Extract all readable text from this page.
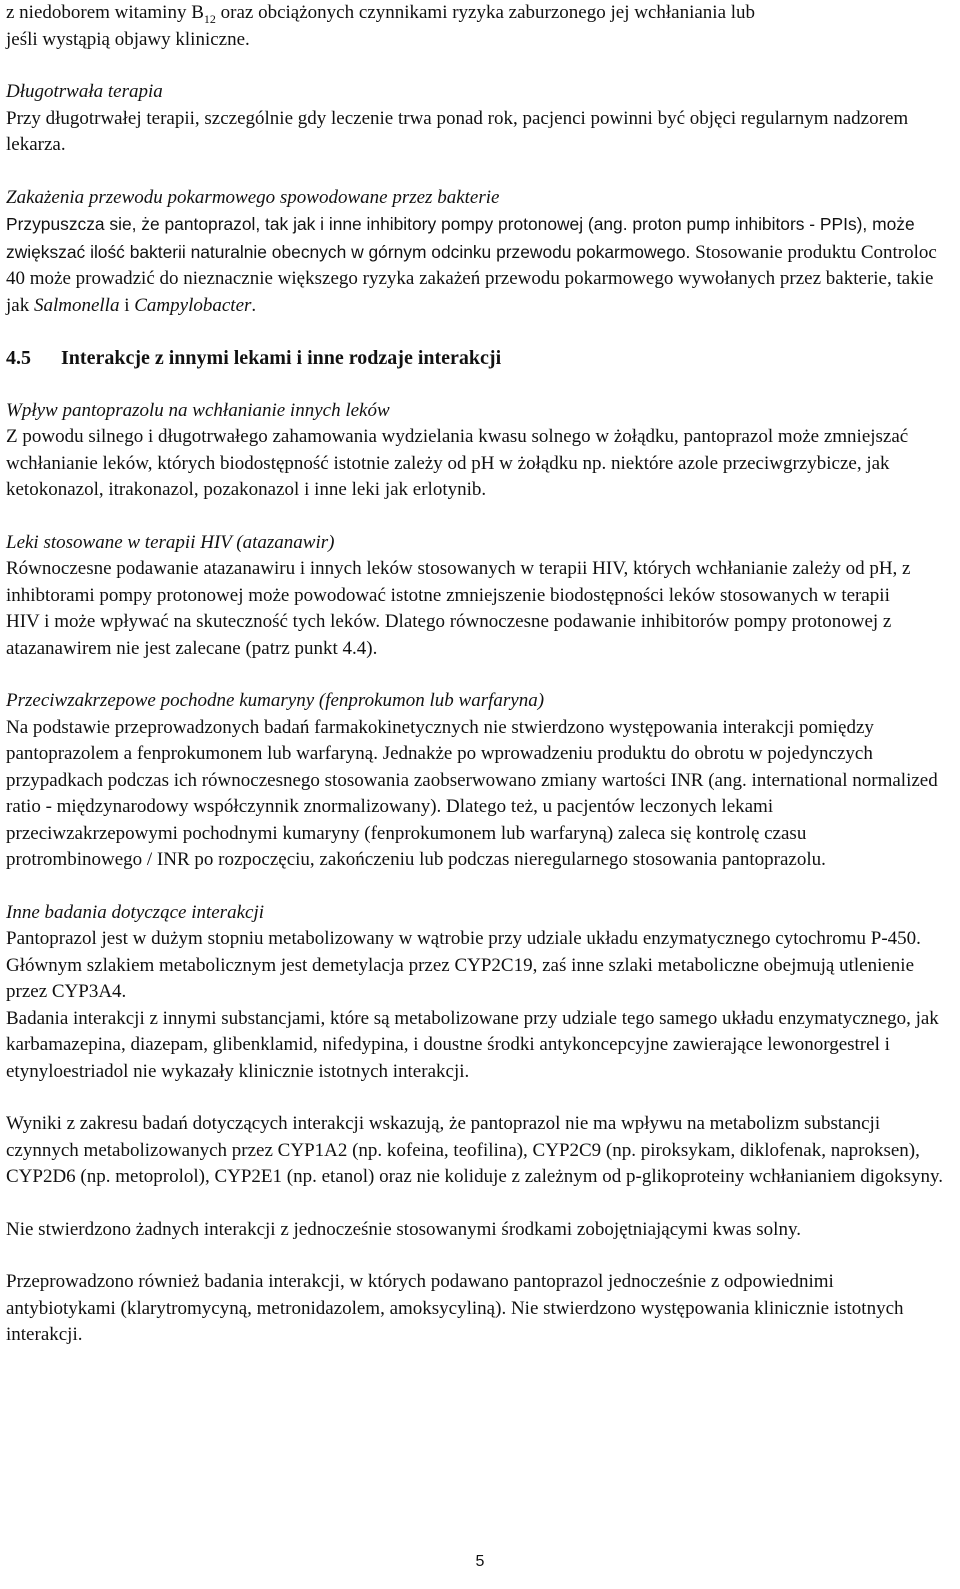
z niedoborem witaminy $B_{12}$ oraz obciążonych czynnikami ryzyka zaburzonego jej wchłaniania lub
jeśli wystąpią objawy kliniczne.

Długotrwała terapia

Przy długotrwałej terapii, szczególnie gdy leczenie trwa ponad rok, pacjenci powinni być objęci regularnym nadzorem lekarza.

Zakażenia przewodu pokarmowego spowodowane przez bakterie

Przypuszcza sie, że pantoprazol, tak jak i inne inhibitory pompy protonowej (ang. proton pump inhibitors - PPIs), może zwiększać ilość bakterii naturalnie obecnych w górnym odcinku przewodu pokarmowego. Stosowanie produktu Controloc 40 może prowadzić do nieznacznie większego ryzyka zakażeń przewodu pokarmowego wywołanych przez bakterie, takie jak Salmonella i Campylobacter.

4.5 Interakcje z innymi lekami i inne rodzaje interakcji

Wpływ pantoprazolu na wchłanianie innych leków

Z powodu silnego i długotrwałego zahamowania wydzielania kwasu solnego w żołądku, pantoprazol może zmniejszać wchłanianie leków, których biodostępność istotnie zależy od pH w żołądku np. niektóre azole przeciwgrzybicze, jak ketokonazol, itrakonazol, pozakonazol i inne leki jak erlotynib.

Leki stosowane w terapii HIV (atazanawir)

Równoczesne podawanie atazanawiru i innych leków stosowanych w terapii HIV, których wchłanianie zależy od pH, z inhibtorami pompy protonowej może powodować istotne zmniejszenie biodostępności leków stosowanych w terapii HIV i może wpływać na skuteczność tych leków. Dlatego równoczesne podawanie inhibitorów pompy protonowej z atazanawirem nie jest zalecane (patrz punkt 4.4).

Przeciwzakrzepowe pochodne kumaryny (fenprokumon lub warfaryna)

Na podstawie przeprowadzonych badań farmakokinetycznych nie stwierdzono występowania interakcji pomiędzy pantoprazolem a fenprokumonem lub warfaryną. Jednakże po wprowadzeniu produktu do obrotu w pojedynczych przypadkach podczas ich równoczesnego stosowania zaobserwowano zmiany wartości INR (ang. international normalized ratio - międzynarodowy współczynnik znormalizowany). Dlatego też, u pacjentów leczonych lekami przeciwzakrzepowymi pochodnymi kumaryny (fenprokumonem lub warfaryną) zaleca się kontrolę czasu protrombinowego / INR po rozpoczęciu, zakończeniu lub podczas nieregularnego stosowania pantoprazolu.

Inne badania dotyczące interakcji

Pantoprazol jest w dużym stopniu metabolizowany w wątrobie przy udziale układu enzymatycznego cytochromu P-450. Głównym szlakiem metabolicznym jest demetylacja przez CYP2C19, zaś inne szlaki metaboliczne obejmują utlenienie przez CYP3A4.

Badania interakcji z innymi substancjami, które są metabolizowane przy udziale tego samego układu enzymatycznego, jak karbamazepina, diazepam, glibenklamid, nifedypina, i doustne środki antykoncepcyjne zawierające lewonorgestrel i etynyloestriadol nie wykazały klinicznie istotnych interakcji.

Wyniki z zakresu badań dotyczących interakcji wskazują, że pantoprazol nie ma wpływu na metabolizm substancji czynnych metabolizowanych przez CYP1A2 (np. kofeina, teofilina), CYP2C9 (np. piroksykam, diklofenak, naproksen), CYP2D6 (np. metoprolol), CYP2E1 (np. etanol) oraz nie koliduje z zależnym od p-glikoproteiny wchłanianiem digoksyny.

Nie stwierdzono żadnych interakcji z jednocześnie stosowanymi środkami zobojętniającymi kwas solny.

Przeprowadzono również badania interakcji, w których podawano pantoprazol jednocześnie z odpowiednimi antybiotykami (klarytromycyną, metronidazolem, amoksycyliną). Nie stwierdzono występowania klinicznie istotnych interakcji.

5
